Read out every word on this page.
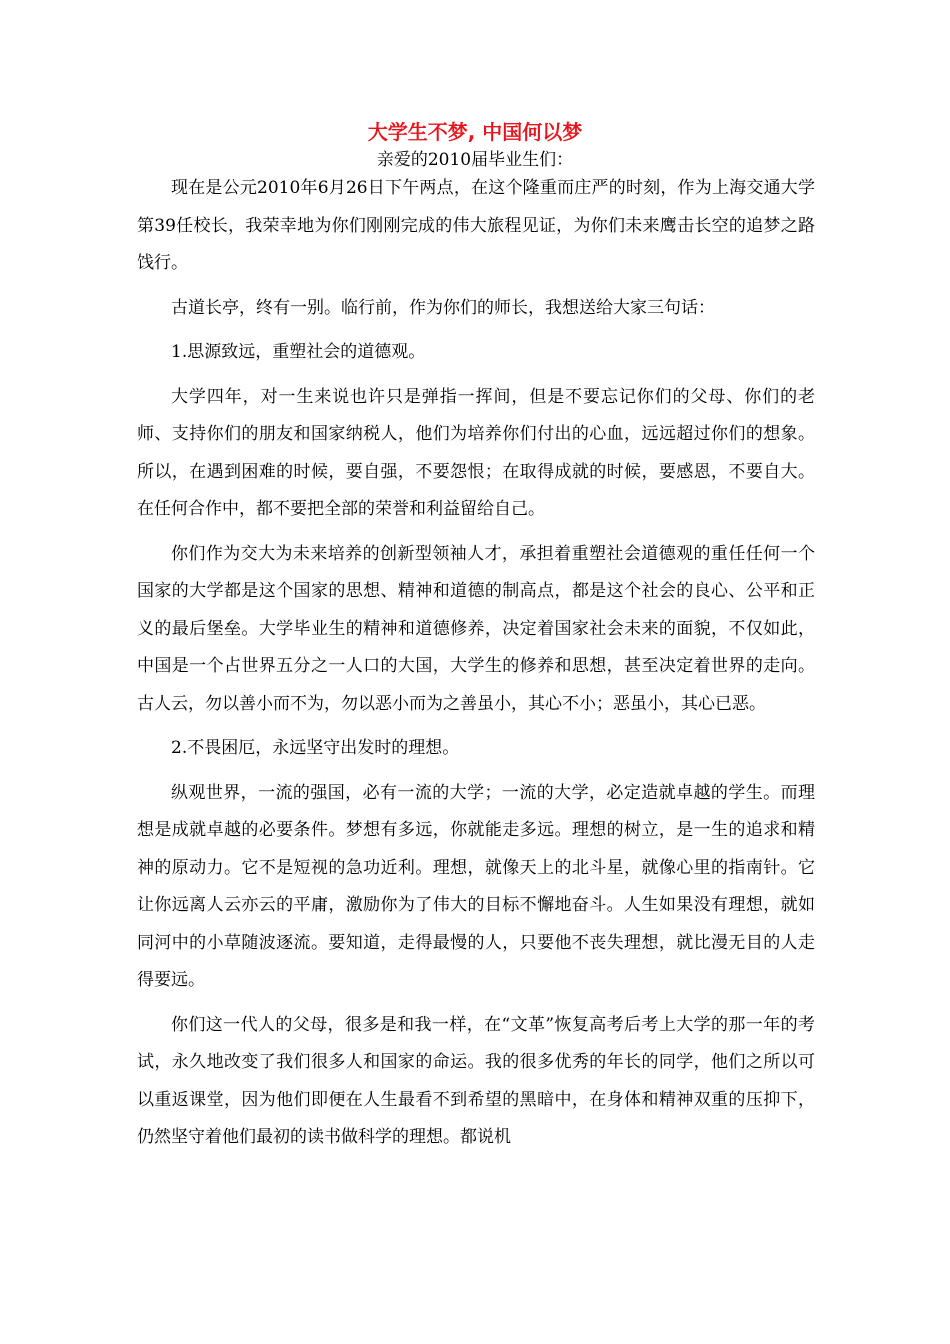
大学生不梦, 中国何以梦

亲爱的2010届毕业生们：

现在是公元2010年6月26日下午两点，在这个隆重而庄严的时刻，作为上海交通大学第39任校长，我荣幸地为你们刚刚完成的伟大旅程见证，为你们未来鹰击长空的追梦之路饯行。

古道长亭，终有一别。临行前，作为你们的师长，我想送给大家三句话：

1.思源致远，重塑社会的道德观。

大学四年，对一生来说也许只是弹指一挥间，但是不要忘记你们的父母、你们的老师、支持你们的朋友和国家纳税人，他们为培养你们付出的心血，远远超过你们的想象。所以，在遇到困难的时候，要自强，不要怨恨；在取得成就的时候，要感恩，不要自大。在任何合作中，都不要把全部的荣誉和利益留给自己。

你们作为交大为未来培养的创新型领袖人才，承担着重塑社会道德观的重任任何一个国家的大学都是这个国家的思想、精神和道德的制高点，都是这个社会的良心、公平和正义的最后堡垒。大学毕业生的精神和道德修养，决定着国家社会未来的面貌，不仅如此，中国是一个占世界五分之一人口的大国，大学生的修养和思想，甚至决定着世界的走向。古人云，勿以善小而不为，勿以恶小而为之善虽小，其心不小；恶虽小，其心已恶。

2.不畏困厄，永远坚守出发时的理想。

纵观世界，一流的强国，必有一流的大学；一流的大学，必定造就卓越的学生。而理想是成就卓越的必要条件。梦想有多远，你就能走多远。理想的树立，是一生的追求和精神的原动力。它不是短视的急功近利。理想，就像天上的北斗星，就像心里的指南针。它让你远离人云亦云的平庸，激励你为了伟大的目标不懈地奋斗。人生如果没有理想，就如同河中的小草随波逐流。要知道，走得最慢的人，只要他不丧失理想，就比漫无目的人走得要远。

你们这一代人的父母，很多是和我一样，在“文革”恢复高考后考上大学的那一年的考试，永久地改变了我们很多人和国家的命运。我的很多优秀的年长的同学，他们之所以可以重返课堂，因为他们即便在人生最看不到希望的黑暗中，在身体和精神双重的压抑下，仍然坚守着他们最初的读书做科学的理想。都说机
